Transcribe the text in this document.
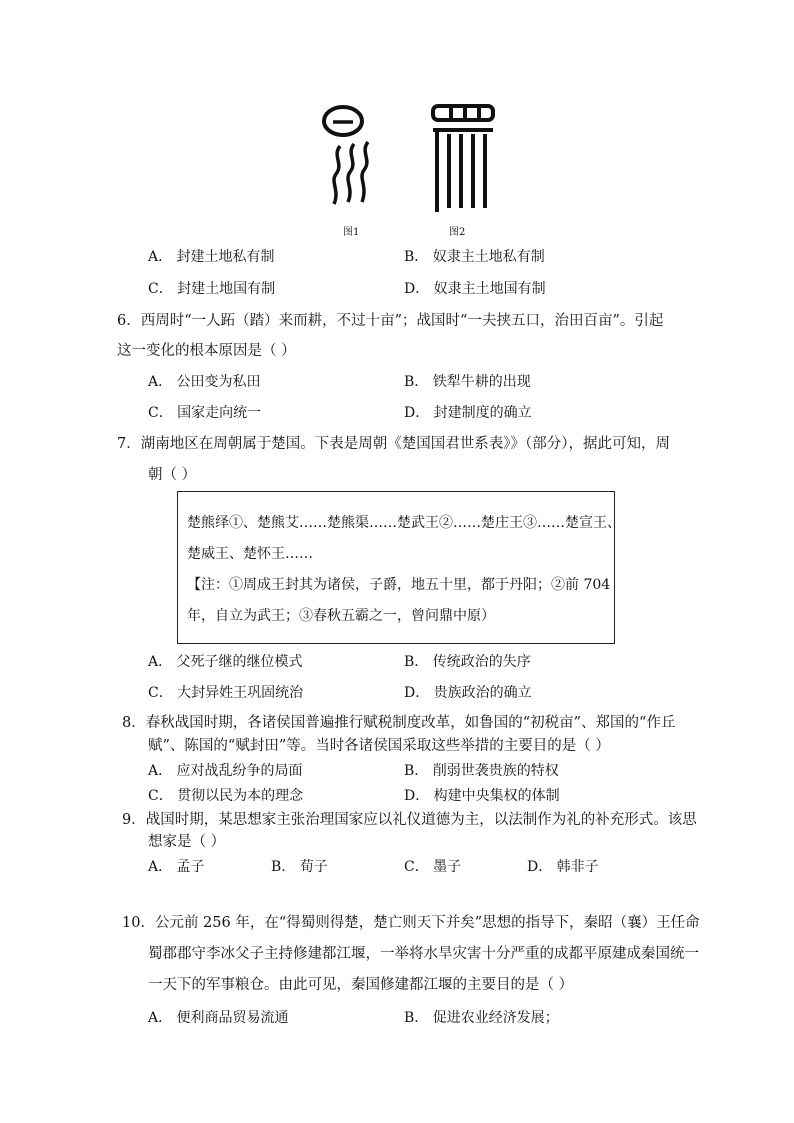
图1	图2
A． 封建土地私有制	B． 奴隶主土地私有制
C． 封建土地国有制	D． 奴隶主土地国有制
6．西周时“一人跖（踏）来而耕，不过十亩”；战国时“一夫挟五口，治田百亩”。引起
这一变化的根本原因是（ ）
A． 公田变为私田	B． 铁犁牛耕的出现
C． 国家走向统一	D． 封建制度的确立
7．湖南地区在周朝属于楚国。下表是周朝《楚国国君世系表》》（部分），据此可知，周
朝（ ）
楚熊绎①、楚熊艾……楚熊渠……楚武王②……楚庄王③……楚宣王、
楚威王、楚怀王……
【注：①周成王封其为诸侯，子爵，地五十里，都于丹阳；②前 704
年，自立为武王；③春秋五霸之一，曾问鼎中原）
A． 父死子继的继位模式	B． 传统政治的失序
C． 大封异姓王巩固统治	D． 贵族政治的确立
8．春秋战国时期，各诸侯国普遍推行赋税制度改革，如鲁国的“初税亩”、郑国的“作丘
赋”、陈国的“赋封田”等。当时各诸侯国采取这些举措的主要目的是（ ）
A． 应对战乱纷争的局面	B． 削弱世袭贵族的特权
C． 贯彻以民为本的理念	D． 构建中央集权的体制
9．战国时期，某思想家主张治理国家应以礼仪道德为主，以法制作为礼的补充形式。该思
想家是（ ）
A． 孟子	B． 荀子	C． 墨子	D． 韩非子
10．公元前 256 年，在“得蜀则得楚，楚亡则天下并矣”思想的指导下，秦昭（襄）王任命
蜀郡郡守李冰父子主持修建都江堰，一举将水旱灾害十分严重的成都平原建成秦国统一
一天下的军事粮仓。由此可见，秦国修建都江堰的主要目的是（ ）
A． 便利商品贸易流通	B． 促进农业经济发展；
